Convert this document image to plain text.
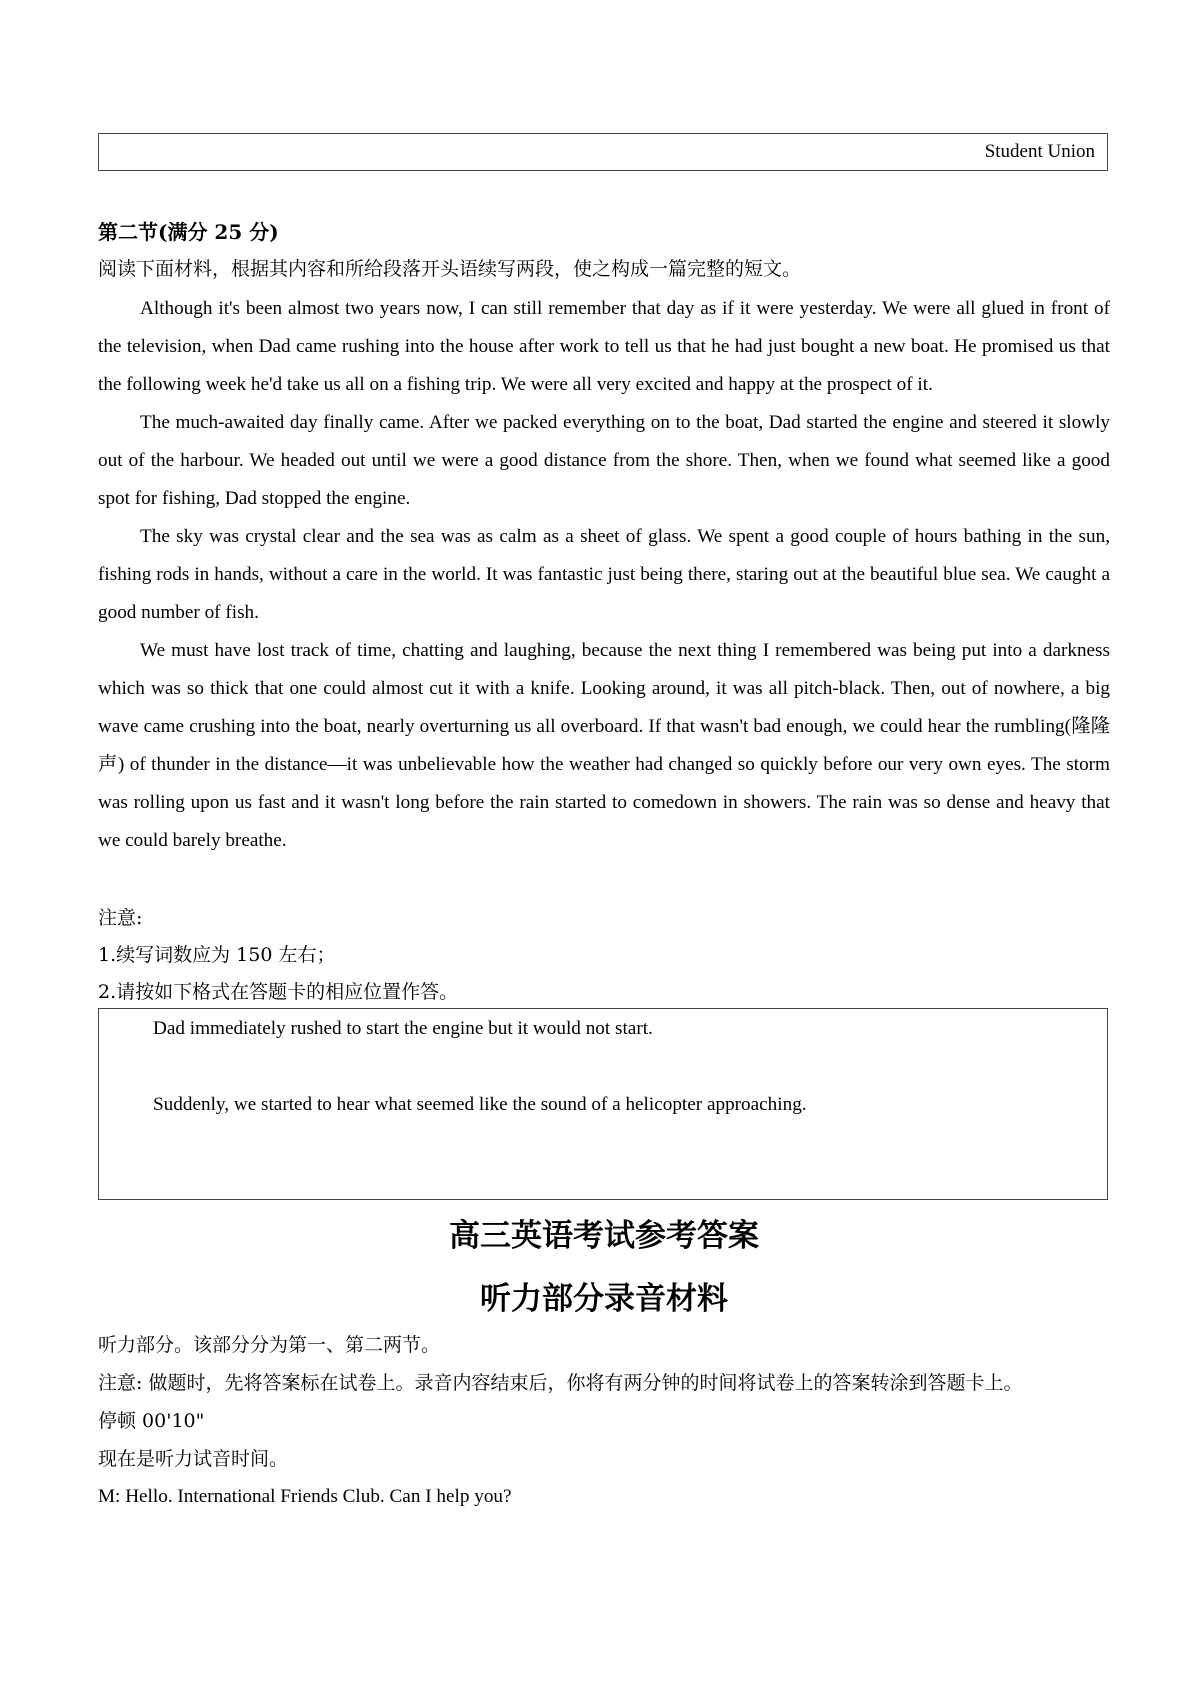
Student Union
第二节(满分 25 分)
阅读下面材料，根据其内容和所给段落开头语续写两段，使之构成一篇完整的短文。

Although it's been almost two years now, I can still remember that day as if it were yesterday. We were all glued in front of the television, when Dad came rushing into the house after work to tell us that he had just bought a new boat. He promised us that the following week he'd take us all on a fishing trip. We were all very excited and happy at the prospect of it.

The much-awaited day finally came. After we packed everything on to the boat, Dad started the engine and steered it slowly out of the harbour. We headed out until we were a good distance from the shore. Then, when we found what seemed like a good spot for fishing, Dad stopped the engine.

The sky was crystal clear and the sea was as calm as a sheet of glass. We spent a good couple of hours bathing in the sun, fishing rods in hands, without a care in the world. It was fantastic just being there, staring out at the beautiful blue sea. We caught a good number of fish.

We must have lost track of time, chatting and laughing, because the next thing I remembered was being put into a darkness which was so thick that one could almost cut it with a knife. Looking around, it was all pitch-black. Then, out of nowhere, a big wave came crushing into the boat, nearly overturning us all overboard. If that wasn't bad enough, we could hear the rumbling(隆隆声) of thunder in the distance—it was unbelievable how the weather had changed so quickly before our very own eyes. The storm was rolling upon us fast and it wasn't long before the rain started to comedown in showers. The rain was so dense and heavy that we could barely breathe.

注意:
1.续写词数应为 150 左右；
2.请按如下格式在答题卡的相应位置作答。
Dad immediately rushed to start the engine but it would not start.
Suddenly, we started to hear what seemed like the sound of a helicopter approaching.
高三英语考试参考答案
听力部分录音材料
听力部分。该部分分为第一、第二两节。
注意: 做题时，先将答案标在试卷上。录音内容结束后，你将有两分钟的时间将试卷上的答案转涂到答题卡上。
停顿 00'10"
现在是听力试音时间。
M: Hello. International Friends Club. Can I help you?
